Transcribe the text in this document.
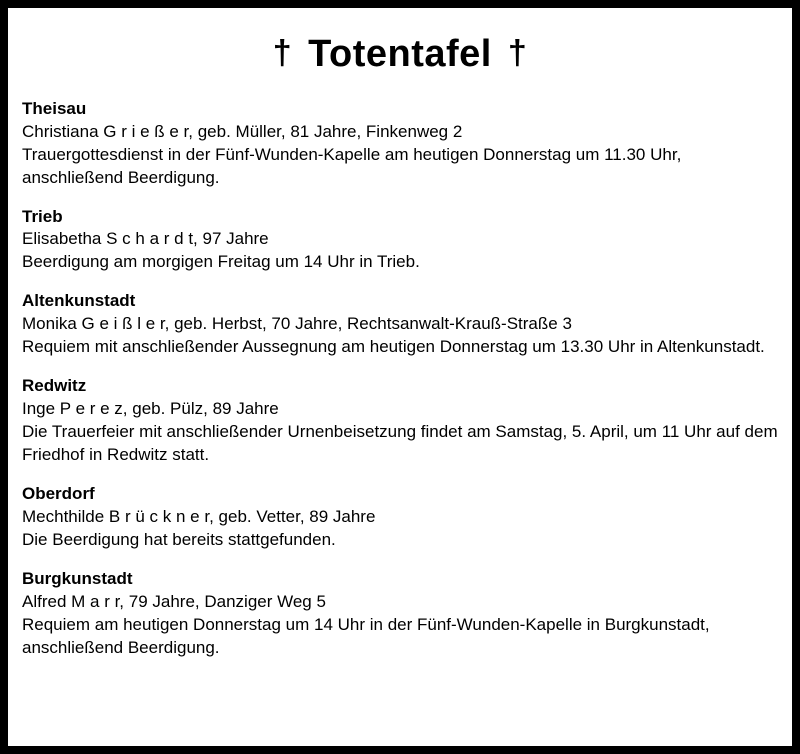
† Totentafel †
Theisau
Christiana G r i e ß e r, geb. Müller, 81 Jahre, Finkenweg 2
Trauergottesdienst in der Fünf-Wunden-Kapelle am heutigen Donnerstag um 11.30 Uhr, anschließend Beerdigung.
Trieb
Elisabetha S c h a r d t, 97 Jahre
Beerdigung am morgigen Freitag um 14 Uhr in Trieb.
Altenkunstadt
Monika G e i ß l e r, geb. Herbst, 70 Jahre, Rechtsanwalt-Krauß-Straße 3
Requiem mit anschließender Aussegnung am heutigen Donnerstag um 13.30 Uhr in Altenkunstadt.
Redwitz
Inge P e r e z, geb. Pülz, 89 Jahre
Die Trauerfeier mit anschließender Urnenbeisetzung findet am Samstag, 5. April, um 11 Uhr auf dem Friedhof in Redwitz statt.
Oberdorf
Mechthilde B r ü c k n e r, geb. Vetter, 89 Jahre
Die Beerdigung hat bereits stattgefunden.
Burgkunstadt
Alfred M a r r, 79 Jahre, Danziger Weg 5
Requiem am heutigen Donnerstag um 14 Uhr in der Fünf-Wunden-Kapelle in Burgkunstadt, anschließend Beerdigung.
